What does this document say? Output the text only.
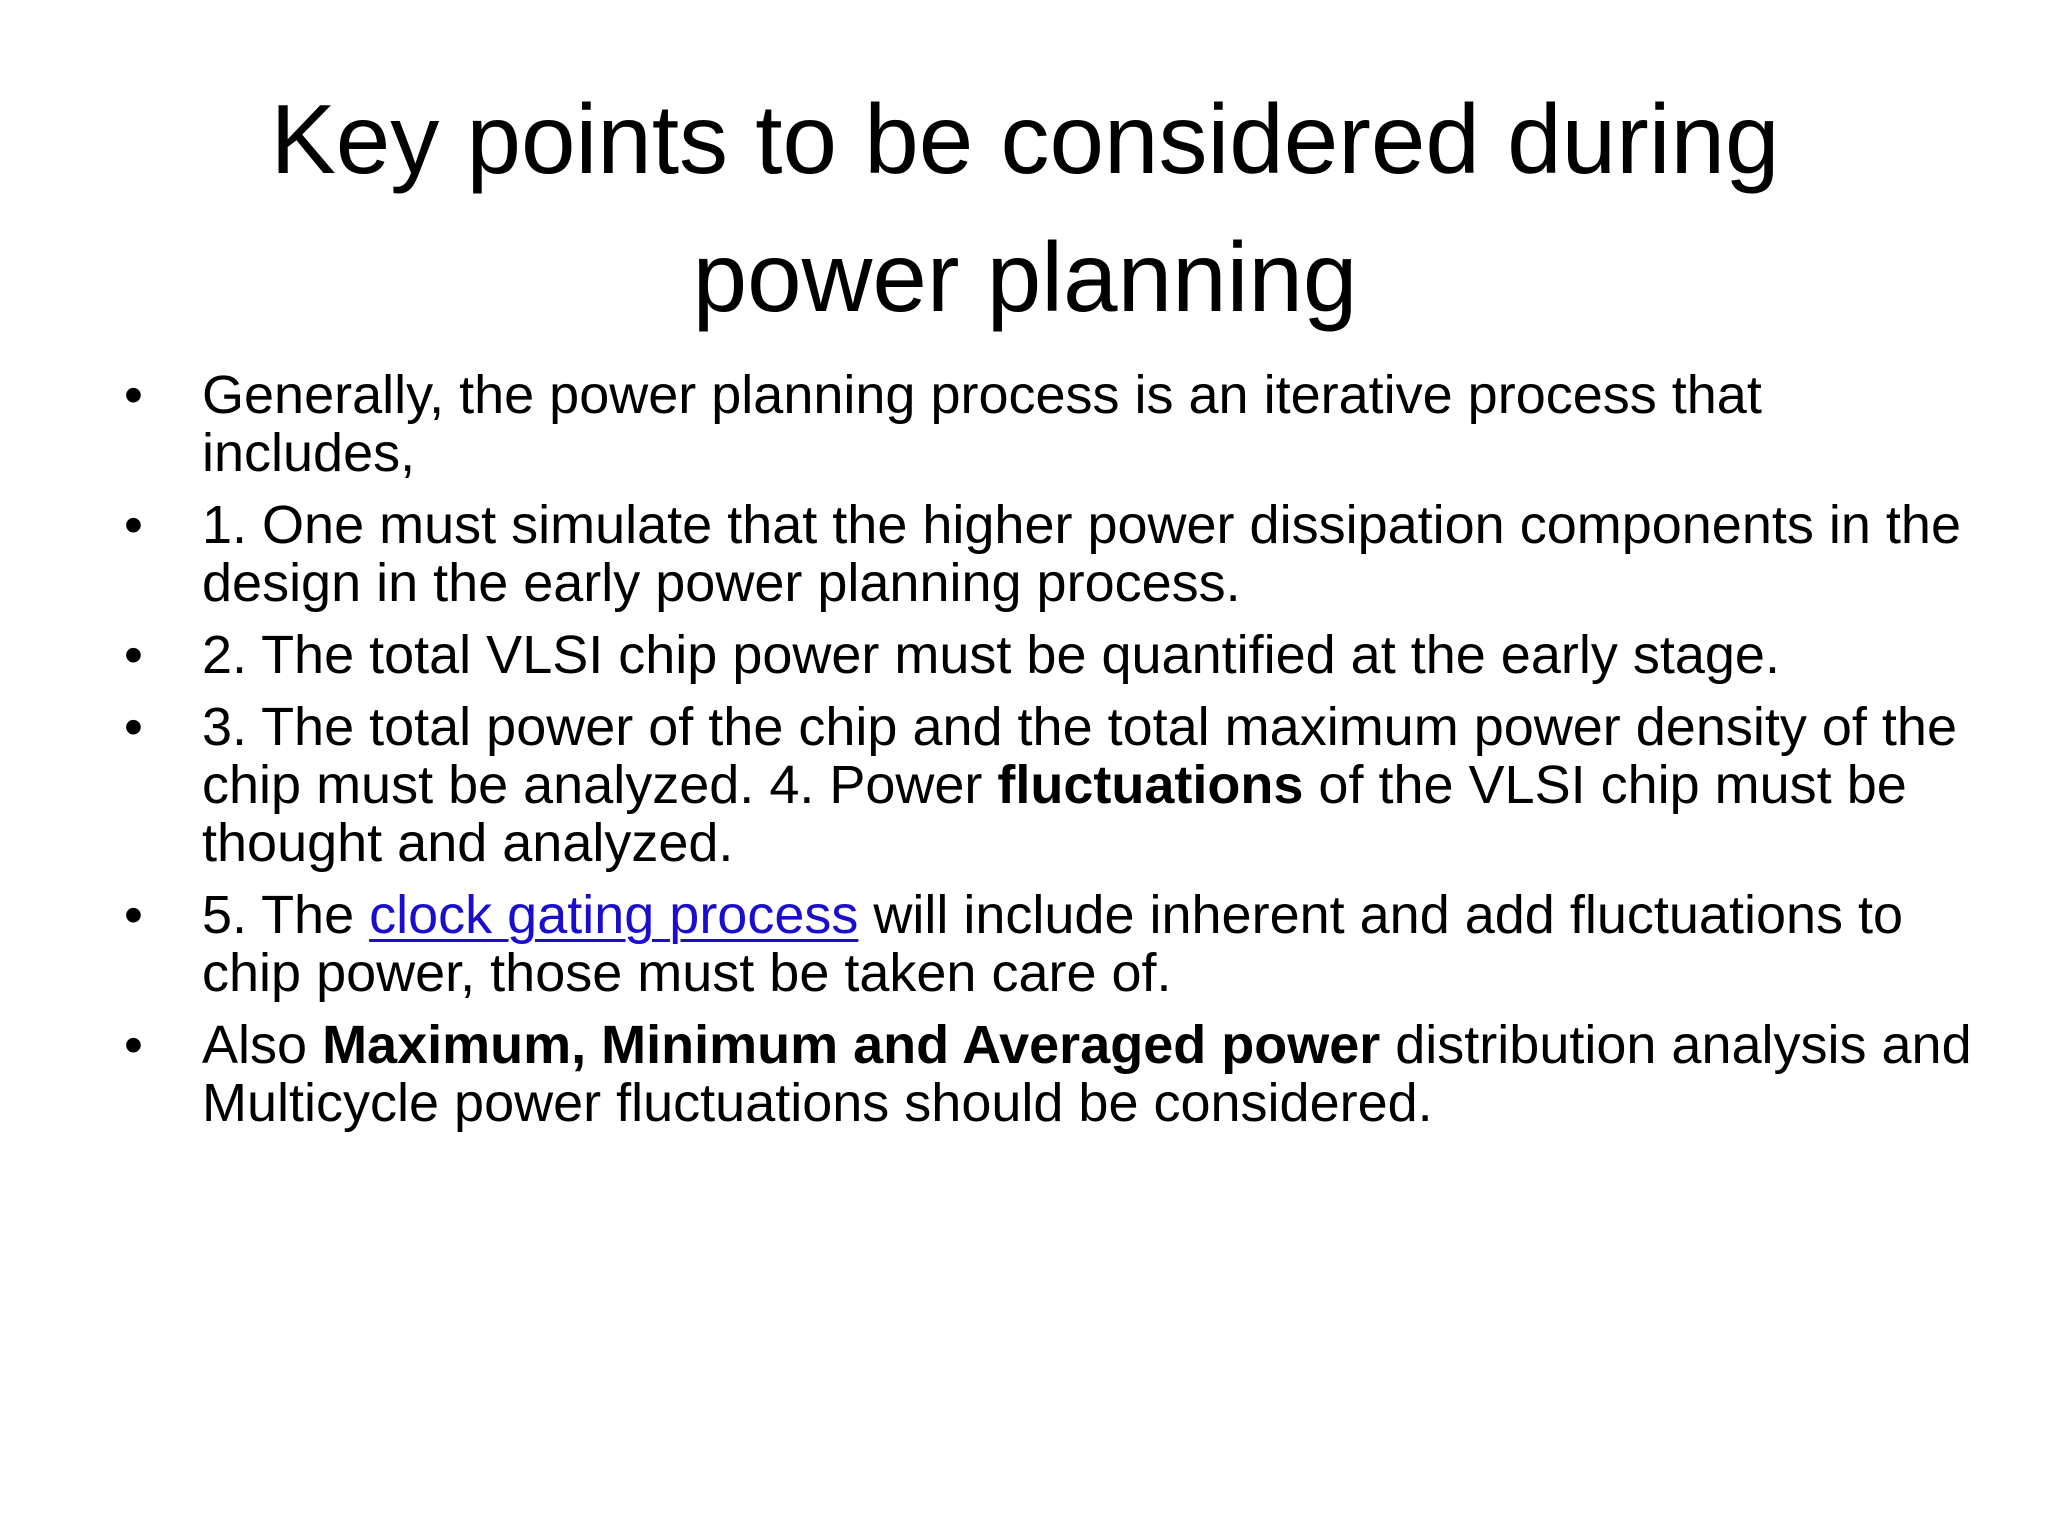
Key points to be considered during
power planning
•	Generally, the power planning process is an iterative process that includes,
•	1. One must simulate that the higher power dissipation components in the design in the early power planning process.
•	2. The total VLSI chip power must be quantified at the early stage.
•	3. The total power of the chip and the total maximum power density of the chip must be analyzed. 4. Power fluctuations of the VLSI chip must be thought and analyzed.
•	5. The clock gating process will include inherent and add fluctuations to chip power, those must be taken care of.
•	Also Maximum, Minimum and Averaged power distribution analysis and Multicycle power fluctuations should be considered.
